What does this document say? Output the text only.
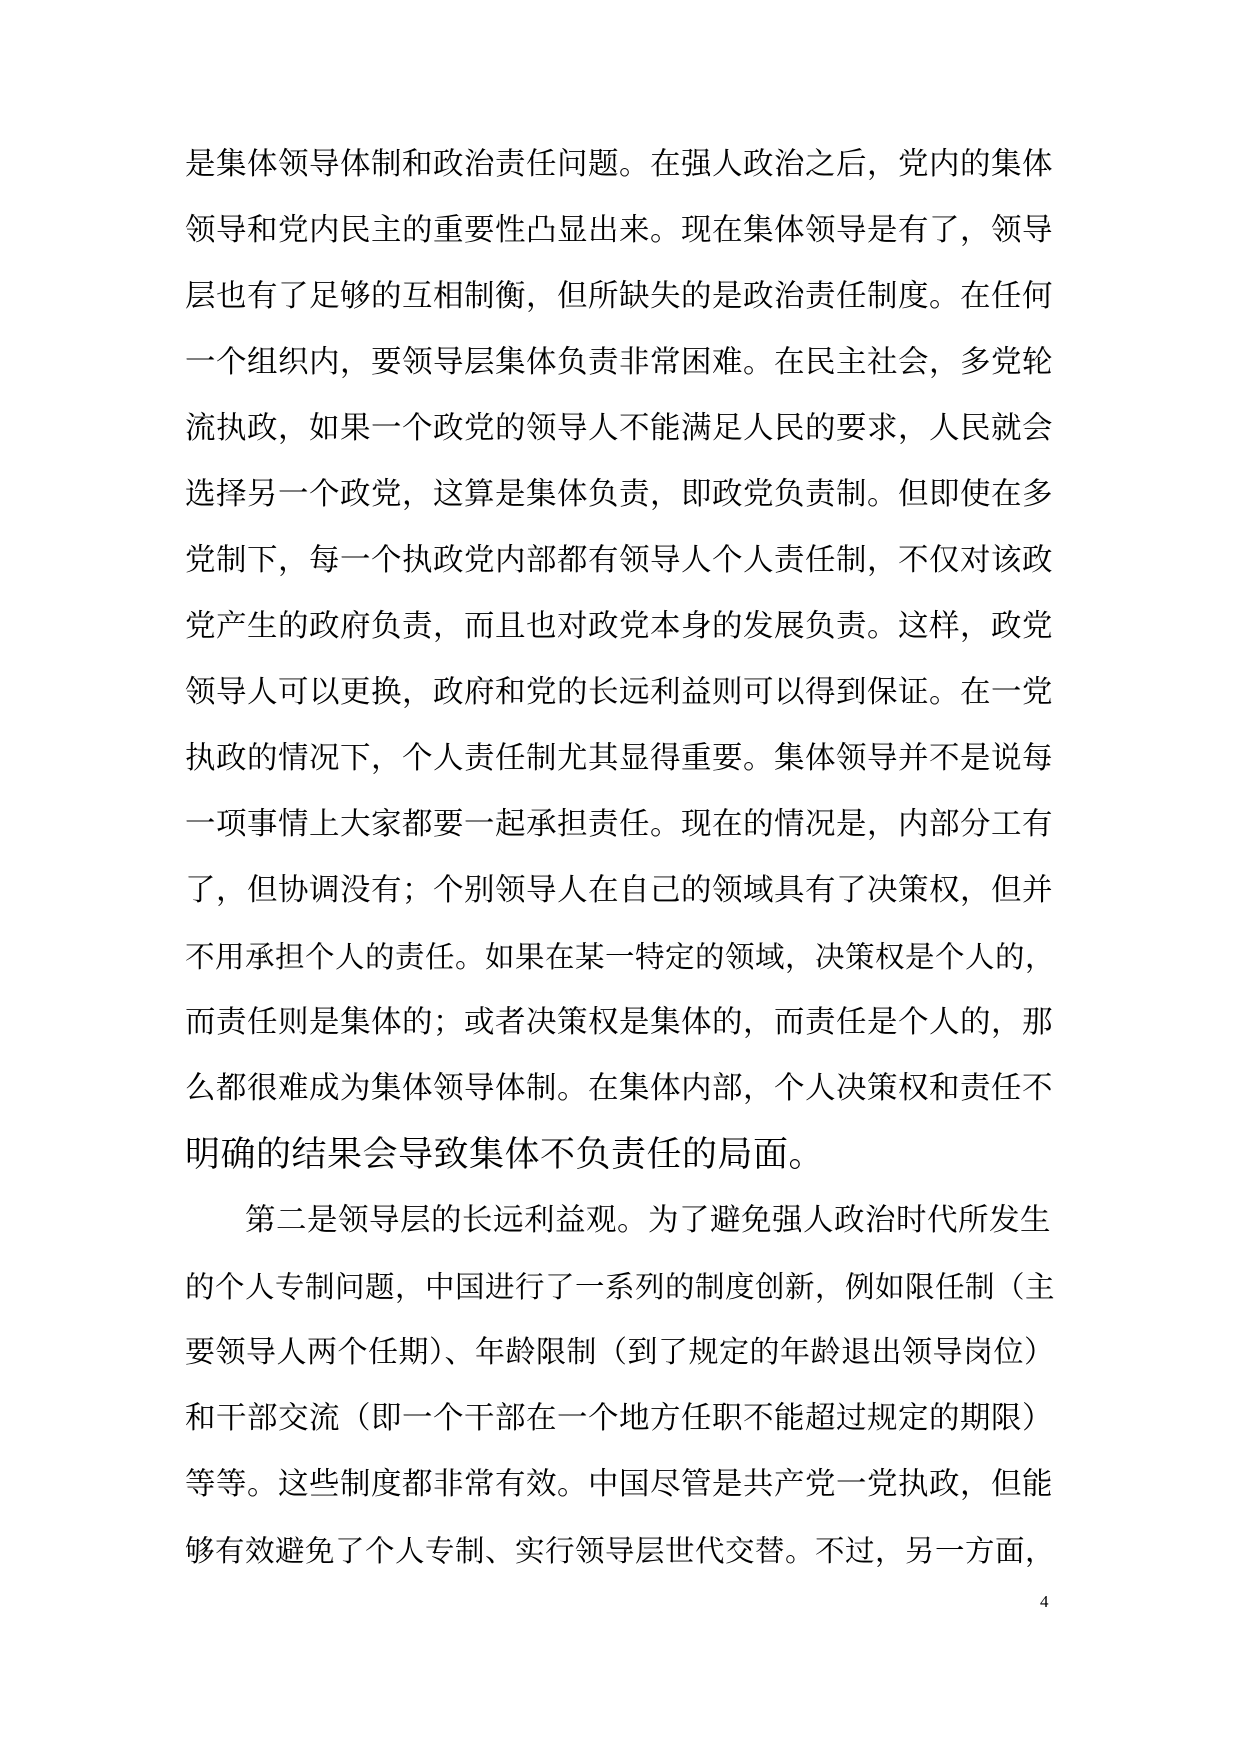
是集体领导体制和政治责任问题。在强人政治之后，党内的集体
领导和党内民主的重要性凸显出来。现在集体领导是有了，领导
层也有了足够的互相制衡，但所缺失的是政治责任制度。在任何
一个组织内，要领导层集体负责非常困难。在民主社会，多党轮
流执政，如果一个政党的领导人不能满足人民的要求，人民就会
选择另一个政党，这算是集体负责，即政党负责制。但即使在多
党制下，每一个执政党内部都有领导人个人责任制，不仅对该政
党产生的政府负责，而且也对政党本身的发展负责。这样，政党
领导人可以更换，政府和党的长远利益则可以得到保证。在一党
执政的情况下，个人责任制尤其显得重要。集体领导并不是说每
一项事情上大家都要一起承担责任。现在的情况是，内部分工有
了，但协调没有；个别领导人在自己的领域具有了决策权，但并
不用承担个人的责任。如果在某一特定的领域，决策权是个人的，
而责任则是集体的；或者决策权是集体的，而责任是个人的，那
么都很难成为集体领导体制。在集体内部，个人决策权和责任不
明确的结果会导致集体不负责任的局面。
第二是领导层的长远利益观。为了避免强人政治时代所发生
的个人专制问题，中国进行了一系列的制度创新，例如限任制（主
要领导人两个任期）、年龄限制（到了规定的年龄退出领导岗位）
和干部交流（即一个干部在一个地方任职不能超过规定的期限）
等等。这些制度都非常有效。中国尽管是共产党一党执政，但能
够有效避免了个人专制、实行领导层世代交替。不过，另一方面，
4
